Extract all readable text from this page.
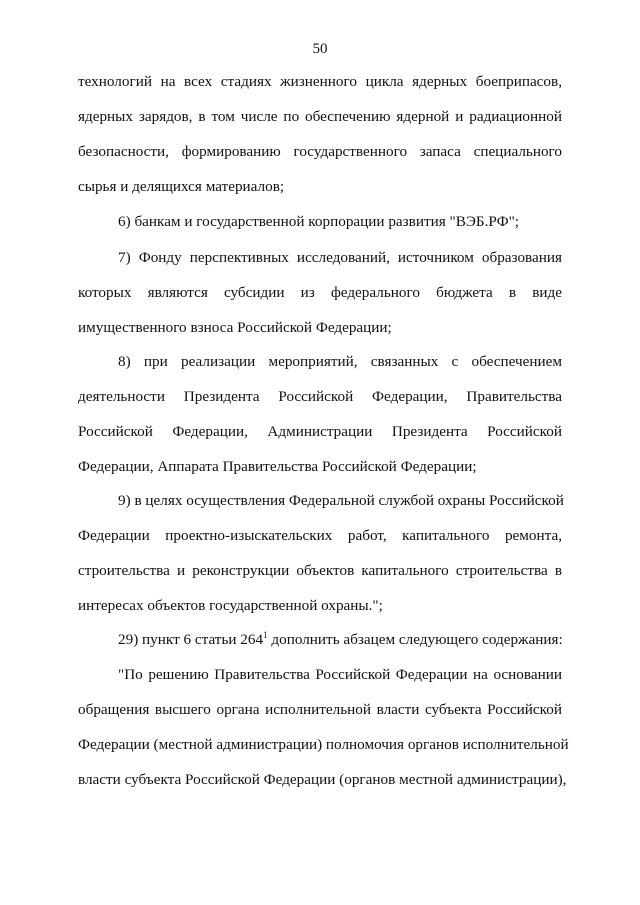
50
технологий на всех стадиях жизненного цикла ядерных боеприпасов,
ядерных зарядов, в том числе по обеспечению ядерной и радиационной
безопасности, формированию государственного запаса специального
сырья и делящихся материалов;
6) банкам и государственной корпорации развития "ВЭБ.РФ";
7) Фонду перспективных исследований, источником образования
которых являются субсидии из федерального бюджета в виде
имущественного взноса Российской Федерации;
8) при реализации мероприятий, связанных с обеспечением
деятельности Президента Российской Федерации, Правительства
Российской Федерации, Администрации Президента Российской
Федерации, Аппарата Правительства Российской Федерации;
9) в целях осуществления Федеральной службой охраны Российской
Федерации проектно-изыскательских работ, капитального ремонта,
строительства и реконструкции объектов капитального строительства в
интересах объектов государственной охраны.";
29) пункт 6 статьи $264^1$ дополнить абзацем следующего содержания:
"По решению Правительства Российской Федерации на основании
обращения высшего органа исполнительной власти субъекта Российской
Федерации (местной администрации) полномочия органов исполнительной
власти субъекта Российской Федерации (органов местной администрации),
